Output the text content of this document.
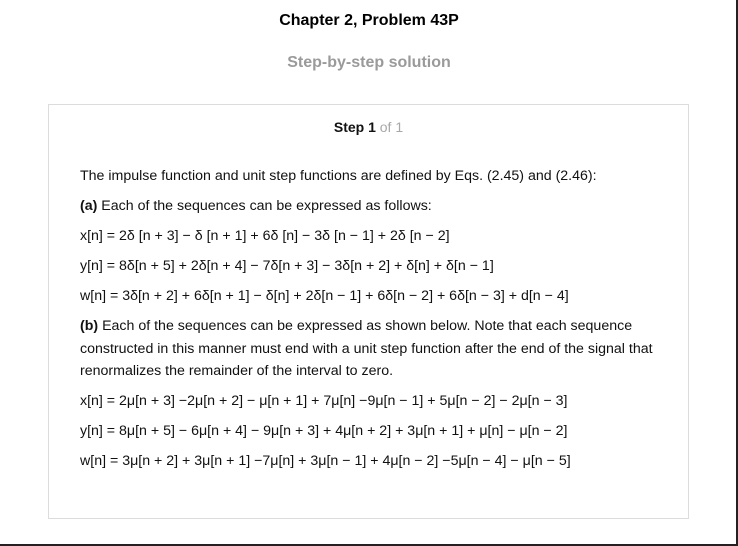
Chapter 2, Problem 43P
Step-by-step solution
Step 1 of 1

The impulse function and unit step functions are defined by Eqs. (2.45) and (2.46):

(a) Each of the sequences can be expressed as follows:

x[n] = 2δ [n + 3] − δ [n + 1] + 6δ [n] − 3δ [n − 1] + 2δ [n − 2]

y[n] = 8δ[n + 5] + 2δ[n + 4] − 7δ[n + 3] − 3δ[n + 2] + δ[n] + δ[n − 1]

w[n] = 3δ[n + 2] + 6δ[n + 1] − δ[n] + 2δ[n − 1] + 6δ[n − 2] + 6δ[n − 3] + d[n − 4]

(b) Each of the sequences can be expressed as shown below. Note that each sequence constructed in this manner must end with a unit step function after the end of the signal that renormalizes the remainder of the interval to zero.

x[n] = 2μ[n + 3] −2μ[n + 2] − μ[n + 1] + 7μ[n] −9μ[n − 1] + 5μ[n − 2] − 2μ[n − 3]

y[n] = 8μ[n + 5] − 6μ[n + 4] − 9μ[n + 3] + 4μ[n + 2] + 3μ[n + 1] + μ[n] − μ[n − 2]

w[n] = 3μ[n + 2] + 3μ[n + 1] −7μ[n] + 3μ[n − 1] + 4μ[n − 2] −5μ[n − 4] − μ[n − 5]
